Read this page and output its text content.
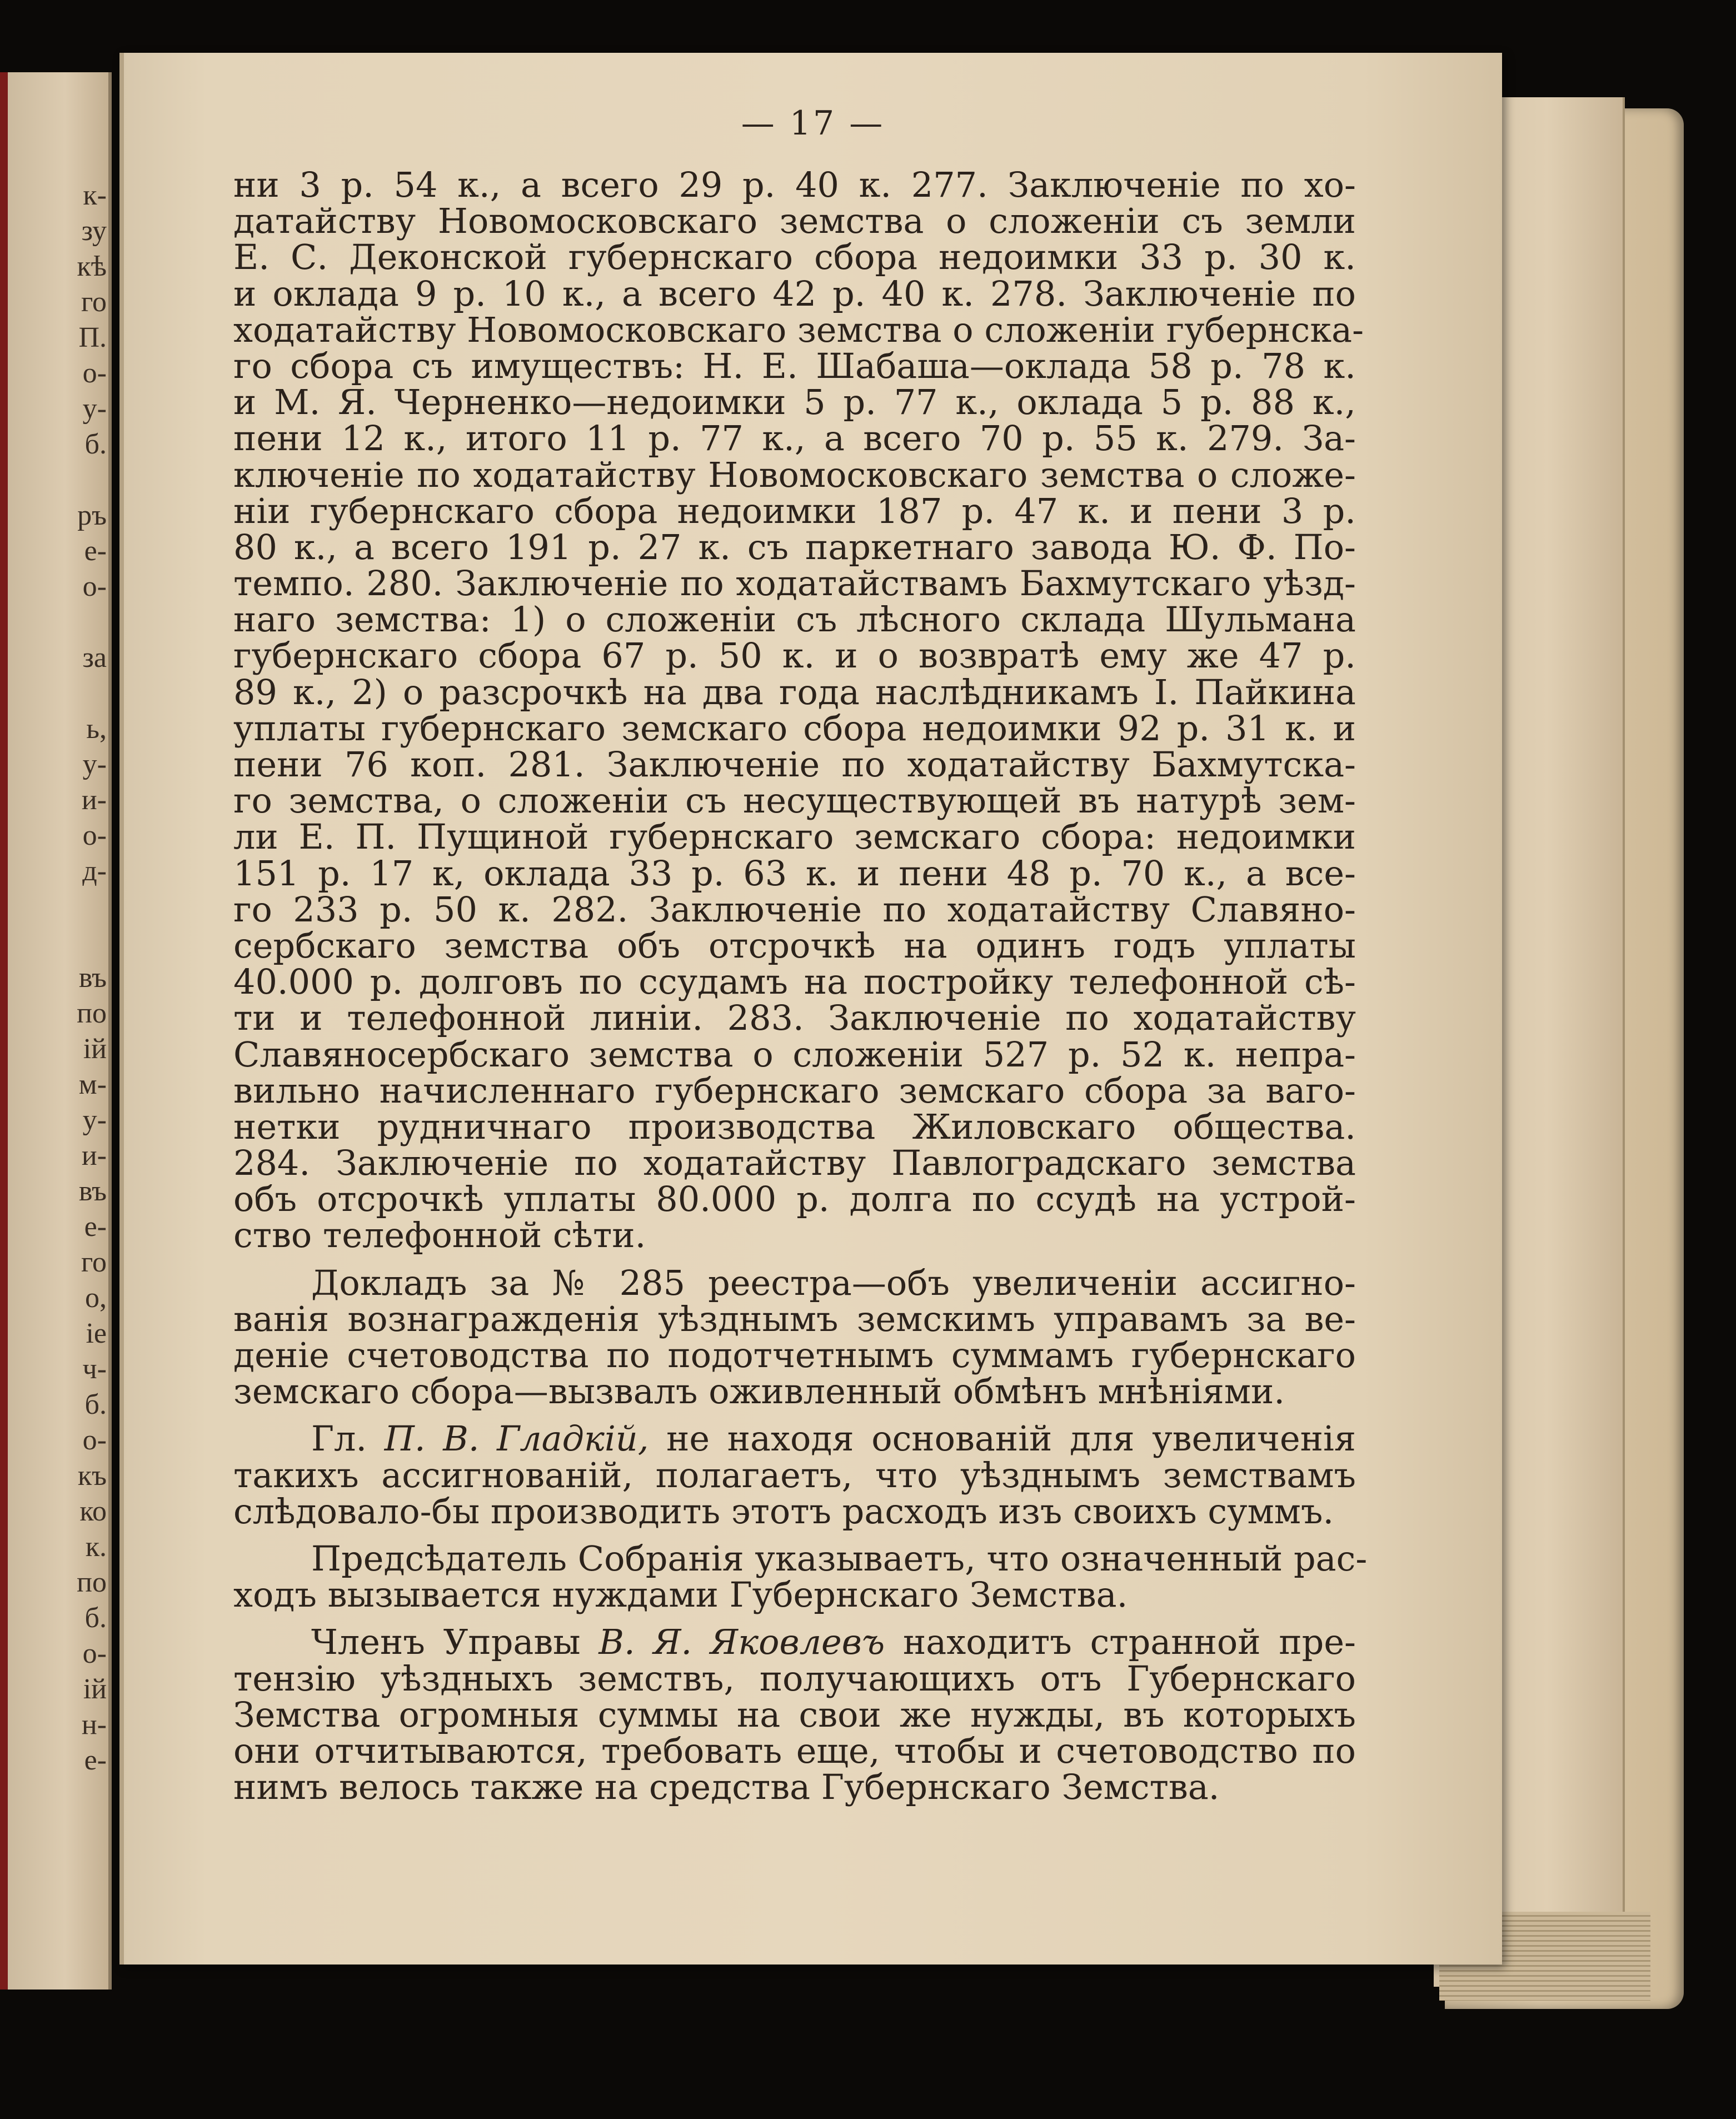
к-
зу
кѣ
го
П.
о-
у-
б.
ръ
е-
о-
за
ь,
у-
и-
о-
д-
въ
по
ій
м-
у-
и-
въ
е-
го
о,
іе
ч-
б.
о-
къ
ко
к.
по
б.
о-
ій
н-
е-
— 17 —
ни 3 р. 54 к., а всего 29 р. 40 к. 277. Заключеніе по хо-
датайству Новомосковскаго земства о сложеніи съ земли
Е. С. Деконской губернскаго сбора недоимки 33 р. 30 к.
и оклада 9 р. 10 к., а всего 42 р. 40 к. 278. Заключеніе по
ходатайству Новомосковскаго земства о сложеніи губернска-
го сбора съ имуществъ: Н. Е. Шабаша—оклада 58 р. 78 к.
и М. Я. Черненко—недоимки 5 р. 77 к., оклада 5 р. 88 к.,
пени 12 к., итого 11 р. 77 к., а всего 70 р. 55 к. 279. За-
ключеніе по ходатайству Новомосковскаго земства о сложе-
ніи губернскаго сбора недоимки 187 р. 47 к. и пени 3 р.
80 к., а всего 191 р. 27 к. съ паркетнаго завода Ю. Ф. По-
темпо. 280. Заключеніе по ходатайствамъ Бахмутскаго уѣзд-
наго земства: 1) о сложеніи съ лѣсного склада Шульмана
губернскаго сбора 67 р. 50 к. и о возвратѣ ему же 47 р.
89 к., 2) о разсрочкѣ на два года наслѣдникамъ І. Пайкина
уплаты губернскаго земскаго сбора недоимки 92 р. 31 к. и
пени 76 коп. 281. Заключеніе по ходатайству Бахмутска-
го земства, о сложеніи съ несуществующей въ натурѣ зем-
ли Е. П. Пущиной губернскаго земскаго сбора: недоимки
151 р. 17 к, оклада 33 р. 63 к. и пени 48 р. 70 к., а все-
го 233 р. 50 к. 282. Заключеніе по ходатайству Славяно-
сербскаго земства объ отсрочкѣ на одинъ годъ уплаты
40.000 р. долговъ по ссудамъ на постройку телефонной сѣ-
ти и телефонной линіи. 283. Заключеніе по ходатайству
Славяносербскаго земства о сложеніи 527 р. 52 к. непра-
вильно начисленнаго губернскаго земскаго сбора за ваго-
нетки рудничнаго производства Жиловскаго общества.
284. Заключеніе по ходатайству Павлоградскаго земства
объ отсрочкѣ уплаты 80.000 р. долга по ссудѣ на устрой-
ство телефонной сѣти.
Докладъ за № 285 реестра—объ увеличеніи ассигно-
ванія вознагражденія уѣзднымъ земскимъ управамъ за ве-
деніе счетоводства по подотчетнымъ суммамъ губернскаго
земскаго сбора—вызвалъ оживленный обмѣнъ мнѣніями.
Гл. П. В. Гладкій, не находя основаній для увеличенія
такихъ ассигнованій, полагаетъ, что уѣзднымъ земствамъ
слѣдовало-бы производить этотъ расходъ изъ своихъ суммъ.
Предсѣдатель Собранія указываетъ, что означенный рас-
ходъ вызывается нуждами Губернскаго Земства.
Членъ Управы В. Я. Яковлевъ находитъ странной пре-
тензію уѣздныхъ земствъ, получающихъ отъ Губернскаго
Земства огромныя суммы на свои же нужды, въ которыхъ
они отчитываются, требовать еще, чтобы и счетоводство по
нимъ велось также на средства Губернскаго Земства.
